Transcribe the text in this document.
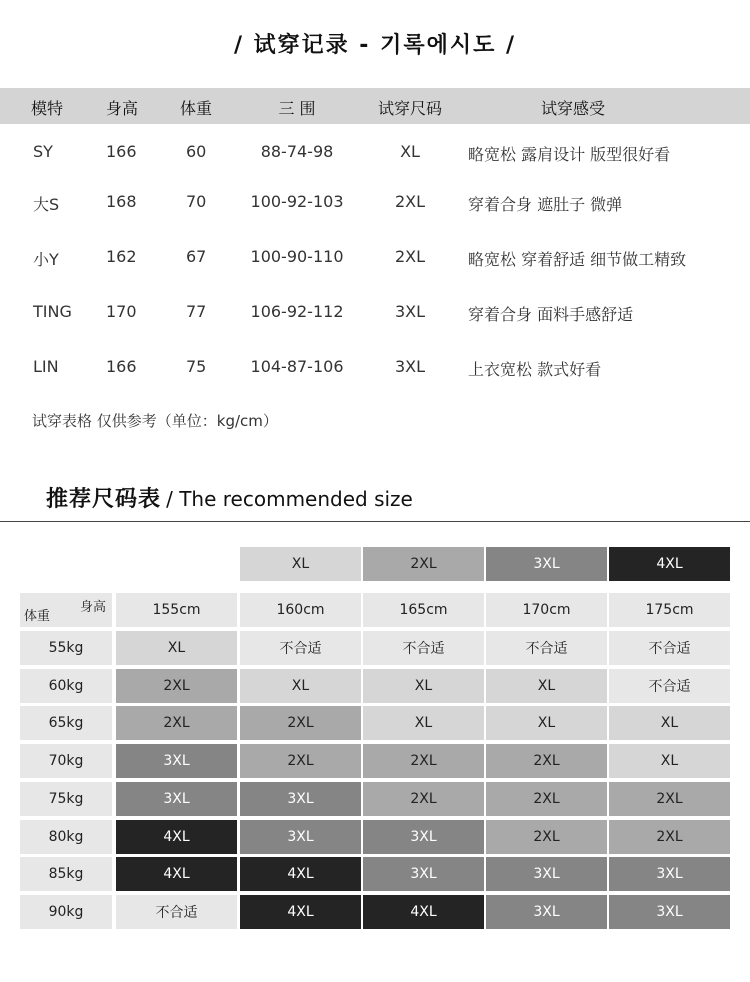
/ 试穿记录 - 기록에시도 /
模特	身高	体重	三 围	试穿尺码	试穿感受
SY	166	60	88-74-98	XL	略宽松 露肩设计 版型很好看
大S	168	70	100-92-103	2XL	穿着合身 遮肚子 微弹
小Y	162	67	100-90-110	2XL	略宽松 穿着舒适 细节做工精致
TING 170	77	106-92-112	3XL	穿着合身 面料手感舒适
LIN	166	75	104-87-106	3XL	上衣宽松 款式好看
试穿表格 仅供参考（单位：kg/cm）
推荐尺码表 / The recommended size
XL	2XL	3XL	4XL
身高
体重	155cm	160cm	165cm	170cm	175cm
55kg	XL	不合适	不合适	不合适	不合适
60kg	2XL	XL	XL	XL	不合适
65kg	2XL	2XL	XL	XL	XL
70kg	3XL	2XL	2XL	2XL	XL
75kg	3XL	3XL	2XL	2XL	2XL
80kg	4XL	3XL	3XL	2XL	2XL
85kg	4XL	4XL	3XL	3XL	3XL
90kg	不合适	4XL	4XL	3XL	3XL
